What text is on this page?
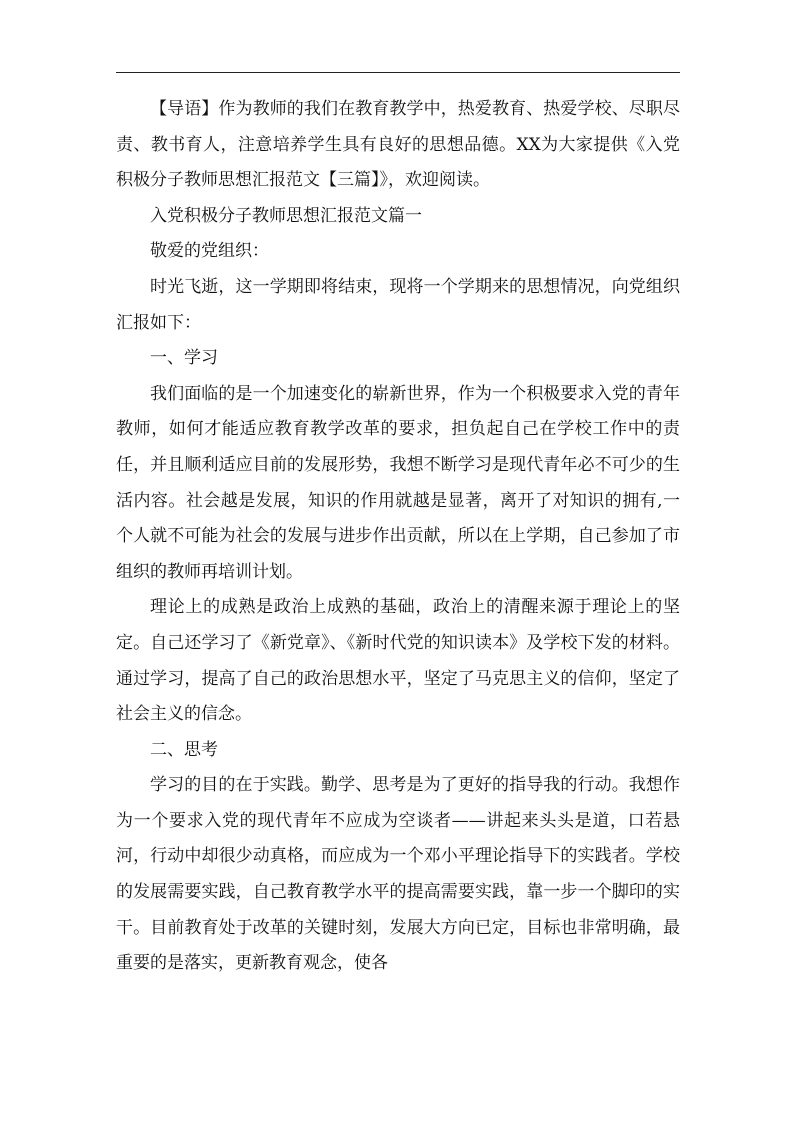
【导语】作为教师的我们在教育教学中，热爱教育、热爱学校、尽职尽责、教书育人，注意培养学生具有良好的思想品德。XX为大家提供《入党积极分子教师思想汇报范文【三篇】》，欢迎阅读。

入党积极分子教师思想汇报范文篇一

敬爱的党组织：

时光飞逝，这一学期即将结束，现将一个学期来的思想情况，向党组织汇报如下：

一、学习

我们面临的是一个加速变化的崭新世界，作为一个积极要求入党的青年教师，如何才能适应教育教学改革的要求，担负起自己在学校工作中的责任，并且顺利适应目前的发展形势，我想不断学习是现代青年必不可少的生活内容。社会越是发展，知识的作用就越是显著，离开了对知识的拥有,一个人就不可能为社会的发展与进步作出贡献，所以在上学期，自己参加了市组织的教师再培训计划。

理论上的成熟是政治上成熟的基础，政治上的清醒来源于理论上的坚定。自己还学习了《新党章》、《新时代党的知识读本》及学校下发的材料。通过学习，提高了自己的政治思想水平，坚定了马克思主义的信仰，坚定了社会主义的信念。

二、思考

学习的目的在于实践。勤学、思考是为了更好的指导我的行动。我想作为一个要求入党的现代青年不应成为空谈者——讲起来头头是道，口若悬河，行动中却很少动真格，而应成为一个邓小平理论指导下的实践者。学校的发展需要实践，自己教育教学水平的提高需要实践，靠一步一个脚印的实干。目前教育处于改革的关键时刻，发展大方向已定，目标也非常明确，最重要的是落实，更新教育观念，使各
